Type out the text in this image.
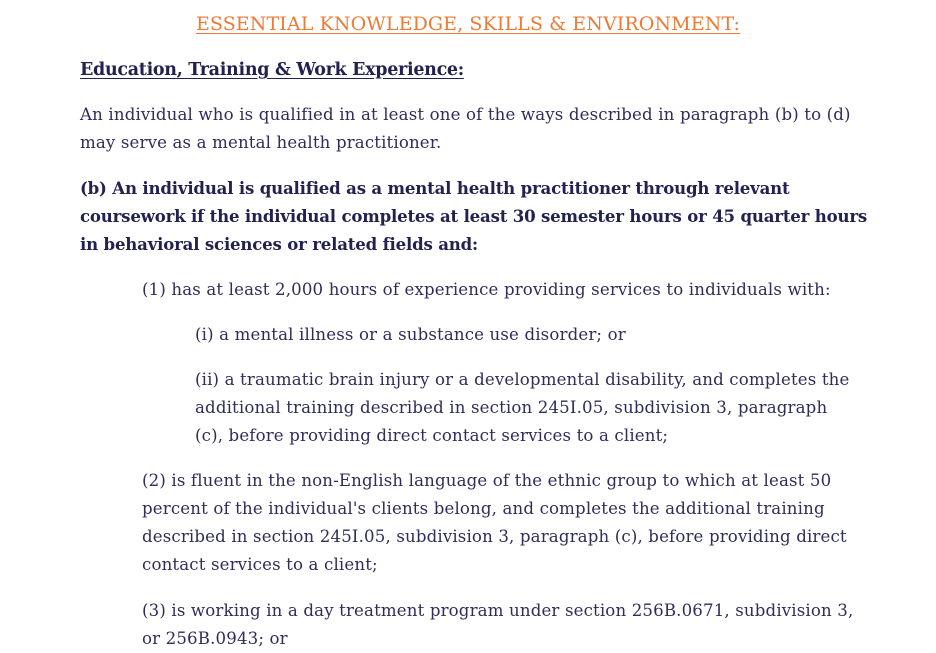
ESSENTIAL KNOWLEDGE, SKILLS & ENVIRONMENT:
Education, Training & Work Experience:
An individual who is qualified in at least one of the ways described in paragraph (b) to (d) may serve as a mental health practitioner.
(b) An individual is qualified as a mental health practitioner through relevant coursework if the individual completes at least 30 semester hours or 45 quarter hours in behavioral sciences or related fields and:
(1) has at least 2,000 hours of experience providing services to individuals with:
(i) a mental illness or a substance use disorder; or
(ii) a traumatic brain injury or a developmental disability, and completes the additional training described in section 245I.05, subdivision 3, paragraph (c), before providing direct contact services to a client;
(2) is fluent in the non-English language of the ethnic group to which at least 50 percent of the individual's clients belong, and completes the additional training described in section 245I.05, subdivision 3, paragraph (c), before providing direct contact services to a client;
(3) is working in a day treatment program under section 256B.0671, subdivision 3, or 256B.0943; or
